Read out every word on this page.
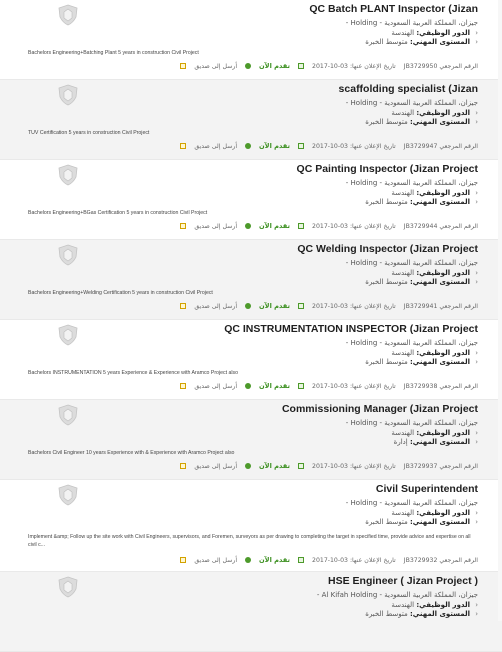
QC Batch PLANT Inspector (Jizan
جيزان، المملكة العربية السعودية - Holding -
‹الدور الوظيفي: الهندسة
‹المستوى المهني: متوسط الخبرة
Bachelors Engineering+Batching Plant 5 years in construction Civil Project
الرقم المرجعي JB3729950
تاريخ الإعلان عنها: 03-10-2017
تقدم الآن
أرسل إلى صديق
scaffolding specialist (Jizan
جيزان، المملكة العربية السعودية - Holding -
‹الدور الوظيفي: الهندسة
‹المستوى المهني: متوسط الخبرة
TUV Certification 5 years in construction Civil Project
الرقم المرجعي JB3729947
تاريخ الإعلان عنها: 03-10-2017
تقدم الآن
أرسل إلى صديق
QC Painting Inspector (Jizan Project
جيزان، المملكة العربية السعودية - Holding -
‹الدور الوظيفي: الهندسة
‹المستوى المهني: متوسط الخبرة
Bachelors Engineering+BGas Certification 5 years in construction Civil Project
الرقم المرجعي JB3729944
تاريخ الإعلان عنها: 03-10-2017
تقدم الآن
أرسل إلى صديق
QC Welding Inspector (Jizan Project
جيزان، المملكة العربية السعودية - Holding -
‹الدور الوظيفي: الهندسة
‹المستوى المهني: متوسط الخبرة
Bachelors Engineering+Welding Certification 5 years in construction Civil Project
الرقم المرجعي JB3729941
تاريخ الإعلان عنها: 03-10-2017
تقدم الآن
أرسل إلى صديق
QC INSTRUMENTATION INSPECTOR (Jizan Project
جيزان، المملكة العربية السعودية - Holding -
‹الدور الوظيفي: الهندسة
‹المستوى المهني: متوسط الخبرة
Bachelors INSTRUMENTATION 5 years Experience & Experience with Aramco Project also
الرقم المرجعي JB3729938
تاريخ الإعلان عنها: 03-10-2017
تقدم الآن
أرسل إلى صديق
Commissioning Manager (Jizan Project
جيزان، المملكة العربية السعودية - Holding -
‹الدور الوظيفي: الهندسة
‹المستوى المهني: إدارة
Bachelors Civil Engineer 10 years Experience with & Experience with Aramco Project also
الرقم المرجعي JB3729937
تاريخ الإعلان عنها: 03-10-2017
تقدم الآن
أرسل إلى صديق
Civil Superintendent
جيزان، المملكة العربية السعودية - Holding -
‹الدور الوظيفي: الهندسة
‹المستوى المهني: متوسط الخبرة
Implement &amp; Follow up the site work with Civil Engineers, supervisors, and Foremen, surveyors as per drawing to completing the target in specified time, provide advice and expertise on all civil c...
الرقم المرجعي JB3729932
تاريخ الإعلان عنها: 03-10-2017
تقدم الآن
أرسل إلى صديق
HSE Engineer ( Jizan Project )
جيزان، المملكة العربية السعودية - Al Kifah Holding -
‹الدور الوظيفي: الهندسة
‹المستوى المهني: متوسط الخبرة
